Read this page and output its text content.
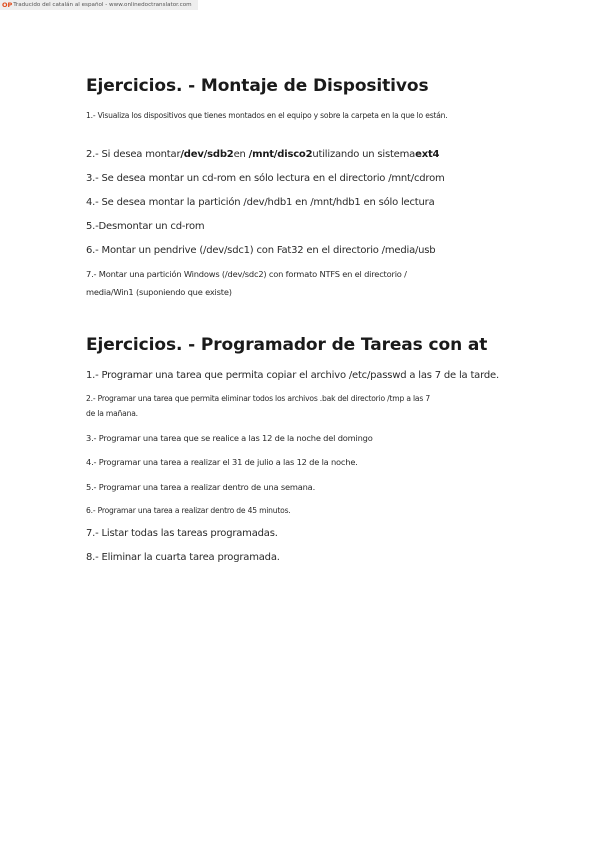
OP Traducido del catalán al español - www.onlinedoctranslator.com
Ejercicios. - Montaje de Dispositivos

1.- Visualiza los dispositivos que tienes montados en el equipo y sobre la carpeta en la que lo están.

2.- Si desea montar/dev/sdb2en /mnt/disco2utilizando un sistemaext4

3.- Se desea montar un cd-rom en sólo lectura en el directorio /mnt/cdrom

4.- Se desea montar la partición /dev/hdb1 en /mnt/hdb1 en sólo lectura

5.-Desmontar un cd-rom

6.- Montar un pendrive (/dev/sdc1) con Fat32 en el directorio /media/usb

7.- Montar una partición Windows (/dev/sdc2) con formato NTFS en el directorio /

media/Win1 (suponiendo que existe)

Ejercicios. - Programador de Tareas con at

1.- Programar una tarea que permita copiar el archivo /etc/passwd a las 7 de la tarde.

2.- Programar una tarea que permita eliminar todos los archivos .bak del directorio /tmp a las 7

de la mañana.

3.- Programar una tarea que se realice a las 12 de la noche del domingo

4.- Programar una tarea a realizar el 31 de julio a las 12 de la noche.

5.- Programar una tarea a realizar dentro de una semana.

6.- Programar una tarea a realizar dentro de 45 minutos.

7.- Listar todas las tareas programadas.

8.- Eliminar la cuarta tarea programada.
